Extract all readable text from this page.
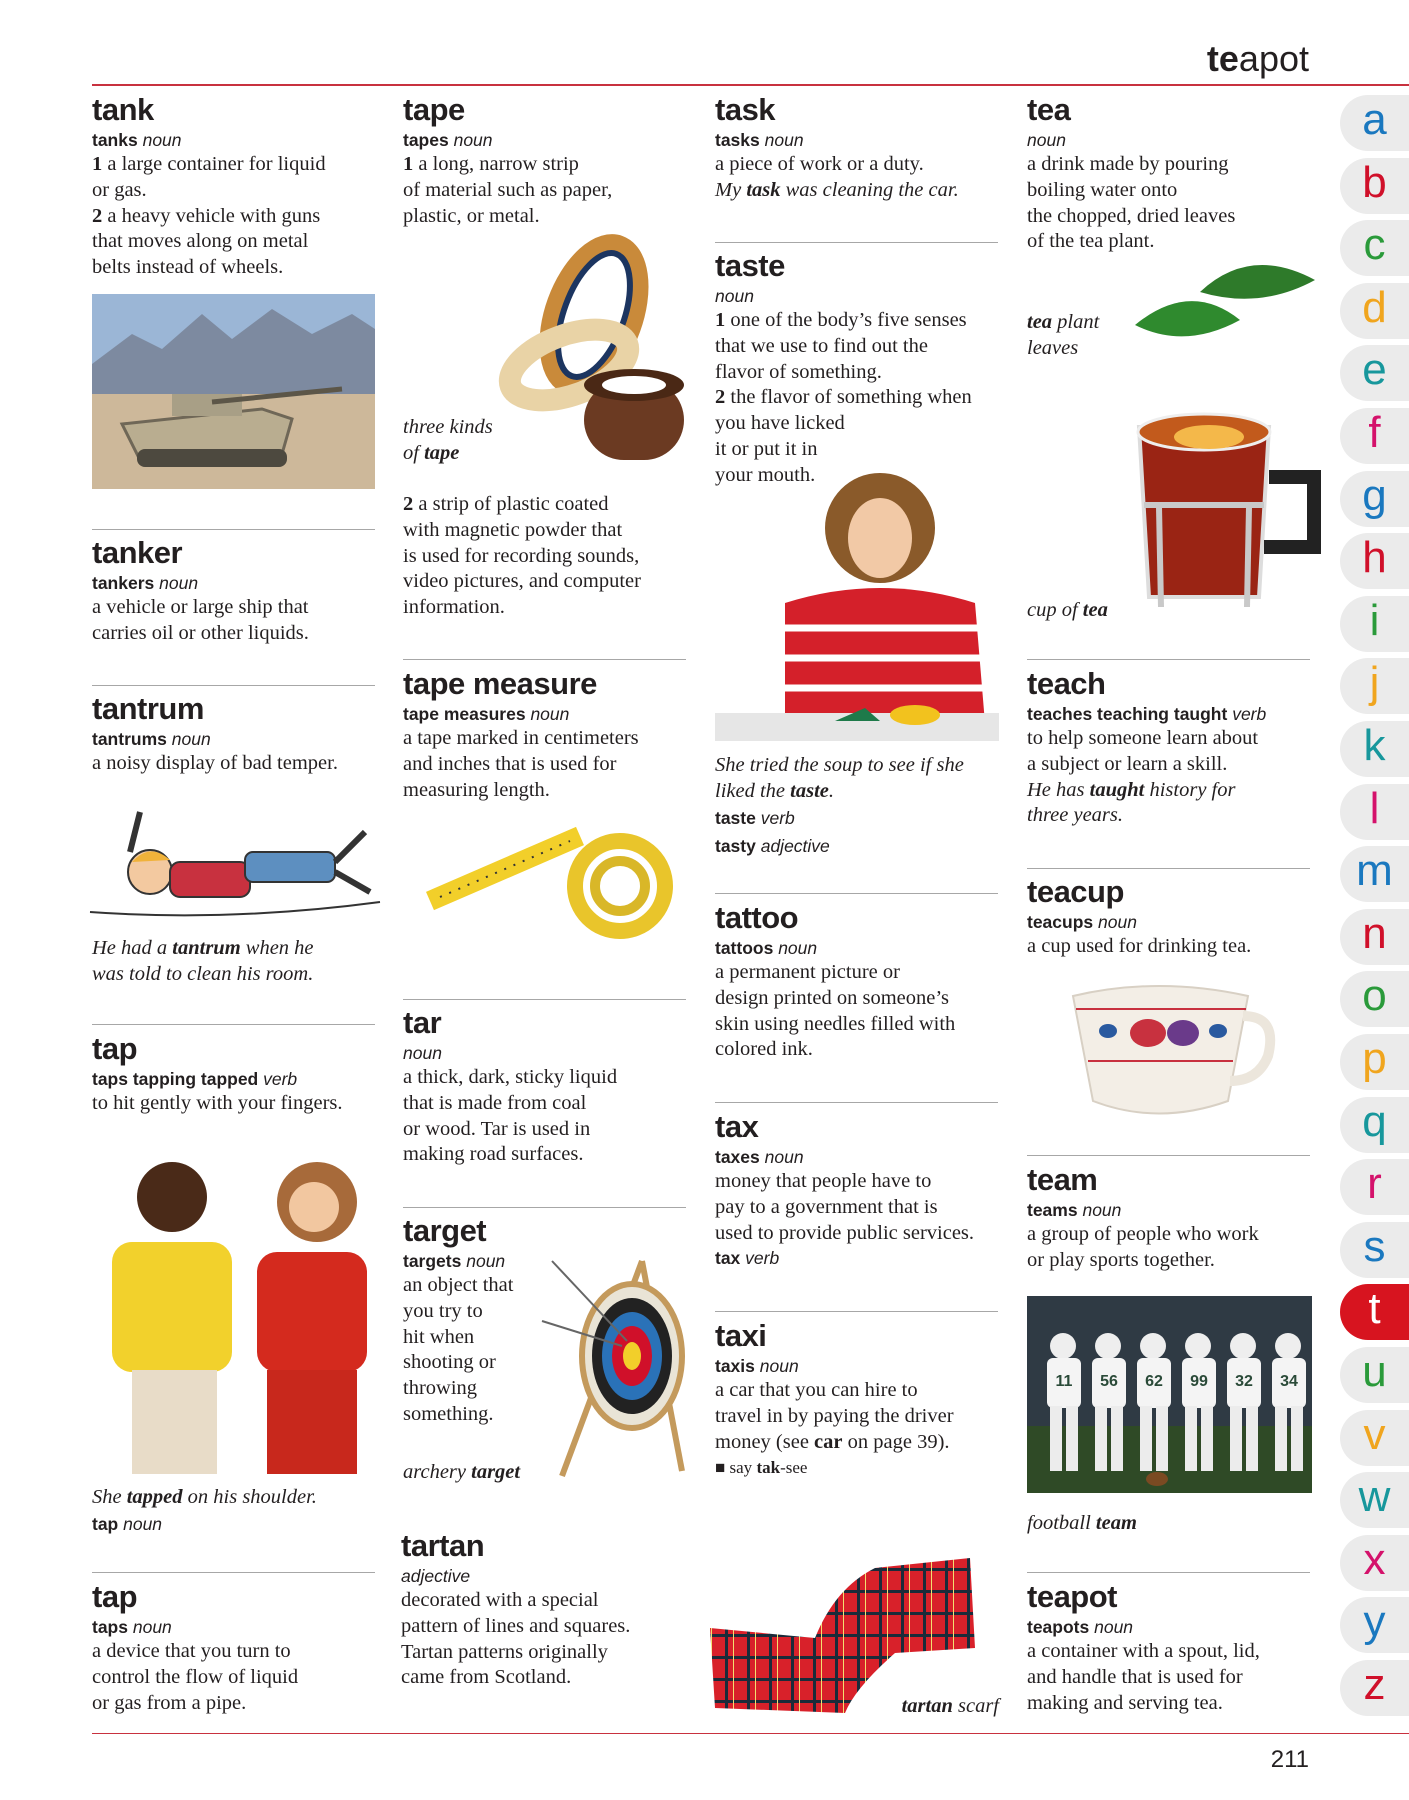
teapot
211
a
b
c
d
e
f
g
h
i
j
k
l
m
n
o
p
q
r
s
t
u
v
w
x
y
z
tank
tanks noun
1 a large container for liquid
or gas.
2 a heavy vehicle with guns
that moves along on metal
belts instead of wheels.
tanker
tankers noun
a vehicle or large ship that
carries oil or other liquids.
tantrum
tantrums noun
a noisy display of bad temper.
tap
taps tapping tapped verb
to hit gently with your fingers.
tap
taps noun
a device that you turn to
control the flow of liquid
or gas from a pipe.
tape
tapes noun
1 a long, narrow strip
of material such as paper,
plastic, or metal.
tape measure
tape measures noun
a tape marked in centimeters
and inches that is used for
measuring length.
tar
noun
a thick, dark, sticky liquid
that is made from coal
or wood. Tar is used in
making road surfaces.
target
targets noun
an object that
you try to
hit when
shooting or
throwing
something.
tartan
adjective
decorated with a special
pattern of lines and squares.
Tartan patterns originally
came from Scotland.
task
tasks noun
a piece of work or a duty.
My task was cleaning the car.
taste
noun
1 one of the body’s five senses
that we use to find out the
flavor of something.
2 the flavor of something when
you have licked
it or put it in
your mouth.
tattoo
tattoos noun
a permanent picture or
design printed on someone’s
skin using needles filled with
colored ink.
tax
taxes noun
money that people have to
pay to a government that is
used to provide public services.
tax verb
taxi
taxis noun
a car that you can hire to
travel in by paying the driver
money (see car on page 39).
■ say tak-see
tea
noun
a drink made by pouring
boiling water onto
the chopped, dried leaves
of the tea plant.
teach
teaches teaching taught verb
to help someone learn about
a subject or learn a skill.
He has taught history for
three years.
teacup
teacups noun
a cup used for drinking tea.
team
teams noun
a group of people who work
or play sports together.
teapot
teapots noun
a container with a spout, lid,
and handle that is used for
making and serving tea.
He had a tantrum when he
was told to clean his room.
She tapped on his shoulder.
tap noun
three kinds
of tape
2 a strip of plastic coated
with magnetic powder that
is used for recording sounds,
video pictures, and computer
information.
archery target
tartan scarf
She tried the soup to see if she
liked the taste.
taste verb
tasty adjective
tea plant
leaves
cup of tea
football team
11 56 62 99 32 34
